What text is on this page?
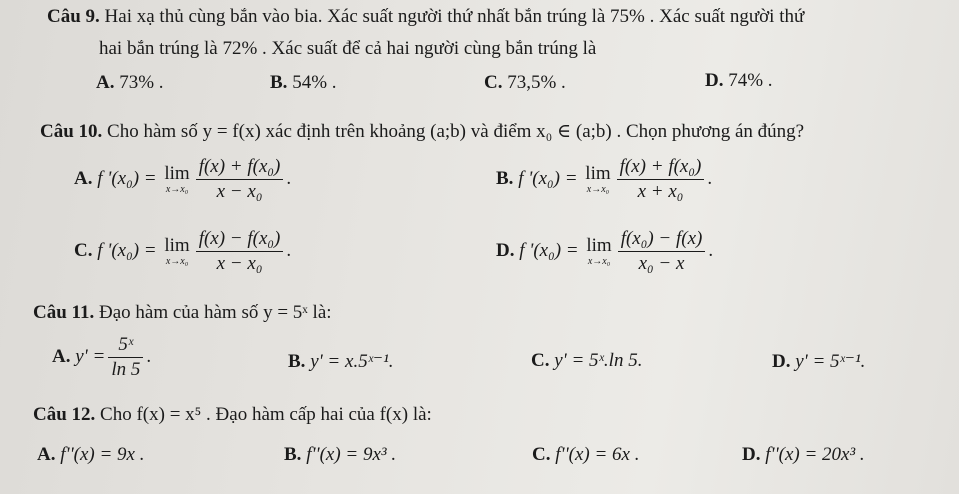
Câu 9. Hai xạ thủ cùng bắn vào bia. Xác suất người thứ nhất bắn trúng là 75% . Xác suất người thứ
hai bắn trúng là 72% . Xác suất để cả hai người cùng bắn trúng là
A. 73% .	B. 54% .	C. 73,5% .	D. 74% .
Câu 10. Cho hàm số y = f(x) xác định trên khoảng (a;b) và điểm x₀ ∈ (a;b) . Chọn phương án đúng?
A. f '(x₀) = lim
$x\to x_0 \frac{\text{f(x) + f(x₀)}}{\text{x − x₀}}$ .	B. f '(x₀) = lim
$x\to x_0 \frac{\text{f(x) + f(x₀)}}{\text{x + x₀}}$ .
C. f '(x₀) = lim
$x\to x_0 \frac{\text{f(x) − f(x₀)}}{\text{x − x₀}}$ .	D. f '(x₀) = lim
$x\to x_0 \frac{\text{f(x₀) − f(x)}}{\text{x₀ − x}}$ .
Câu 11. Đạo hàm của hàm số y = 5ˣ là:
A. $y' = \frac{\text{5ˣ}}{\ln 5}$ .	B. y' = x.5ˣ⁻¹.	C. y' = 5ˣ.ln 5.	D. y' = 5ˣ⁻¹.
Câu 12. Cho f(x) = x⁵ . Đạo hàm cấp hai của f(x) là:
A. f''(x) = 9x .	B. f''(x) = 9x³ .	C. f''(x) = 6x .	D. f''(x) = 20x³ .
